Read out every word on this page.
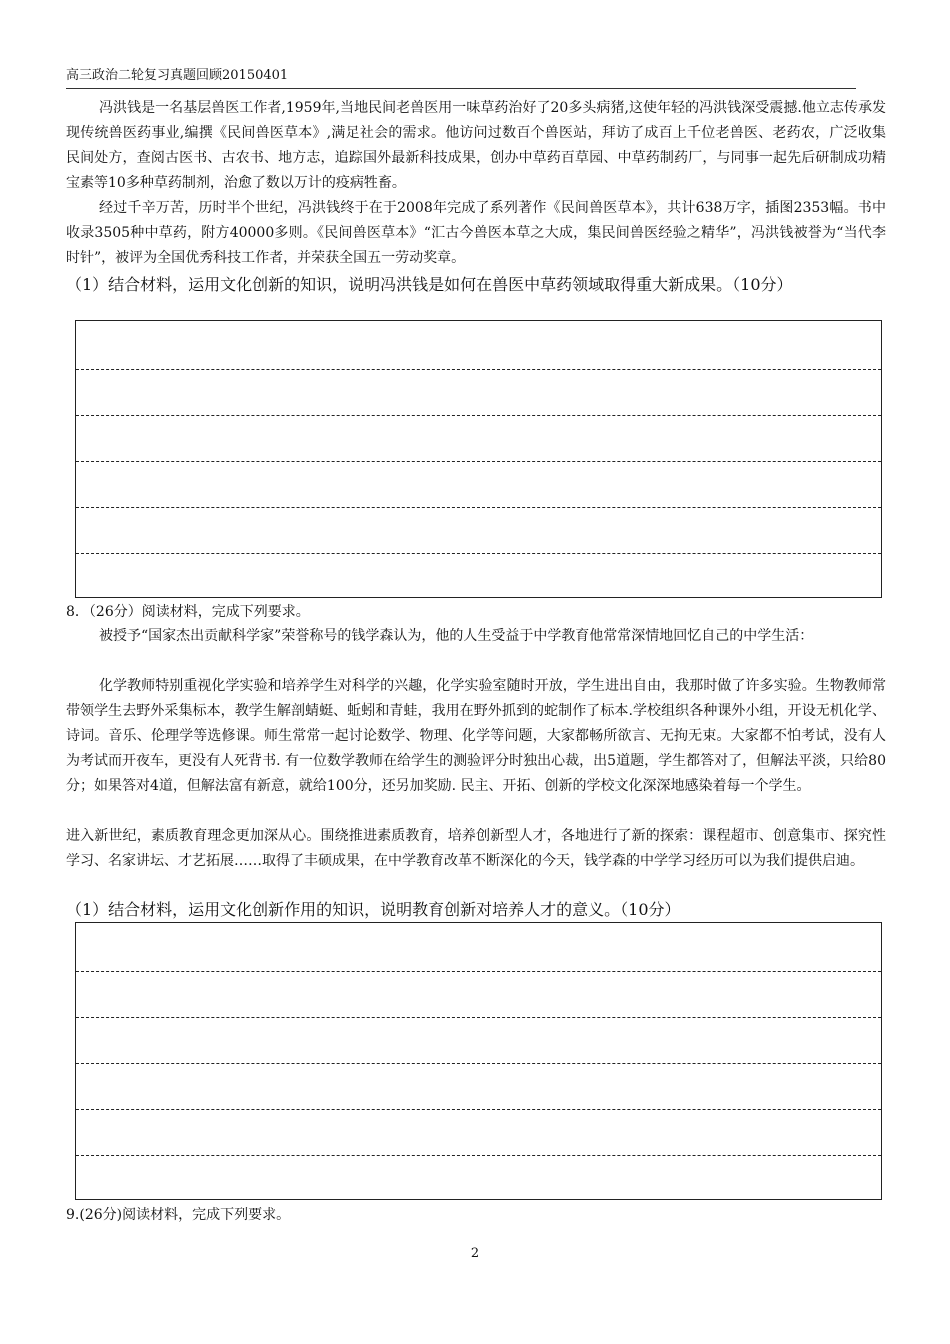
高三政治二轮复习真题回顾20150401

冯洪钱是一名基层兽医工作者,1959年,当地民间老兽医用一味草药治好了20多头病猪,这使年轻的冯洪钱深受震撼.他立志传承发现传统兽医药事业,编撰《民间兽医草本》,满足社会的需求。他访问过数百个兽医站，拜访了成百上千位老兽医、老药农，广泛收集民间处方，查阅古医书、古农书、地方志，追踪国外最新科技成果，创办中草药百草园、中草药制药厂，与同事一起先后研制成功精宝素等10多种草药制剂，治愈了数以万计的疫病牲畜。

经过千辛万苦，历时半个世纪，冯洪钱终于在于2008年完成了系列著作《民间兽医草本》，共计638万字，插图2353幅。书中收录3505种中草药，附方40000多则。《民间兽医草本》“汇古今兽医本草之大成，集民间兽医经验之精华”，冯洪钱被誉为“当代李时针”，被评为全国优秀科技工作者，并荣获全国五一劳动奖章。

（1）结合材料，运用文化创新的知识，说明冯洪钱是如何在兽医中草药领域取得重大新成果。（10分）

8．（26分）阅读材料，完成下列要求。

被授予“国家杰出贡献科学家”荣誉称号的钱学森认为，他的人生受益于中学教育他常常深情地回忆自己的中学生活：

化学教师特别重视化学实验和培养学生对科学的兴趣，化学实验室随时开放，学生进出自由，我那时做了许多实验。生物教师常带领学生去野外采集标本，教学生解剖蜻蜓、蚯蚓和青蛙，我用在野外抓到的蛇制作了标本.学校组织各种课外小组，开设无机化学、诗词。音乐、伦理学等选修课。师生常常一起讨论数学、物理、化学等问题，大家都畅所欲言、无拘无束。大家都不怕考试，没有人为考试而开夜车，更没有人死背书. 有一位数学教师在给学生的测验评分时独出心裁，出5道题，学生都答对了，但解法平淡，只给80分；如果答对4道，但解法富有新意，就给100分，还另加奖励. 民主、开拓、创新的学校文化深深地感染着每一个学生。

进入新世纪，素质教育理念更加深从心。围绕推进素质教育，培养创新型人才，各地进行了新的探索：课程超市、创意集市、探究性学习、名家讲坛、才艺拓展……取得了丰硕成果，在中学教育改革不断深化的今天，钱学森的中学学习经历可以为我们提供启迪。

（1）结合材料，运用文化创新作用的知识，说明教育创新对培养人才的意义。（10分）

9.(26分)阅读材料，完成下列要求。

2
